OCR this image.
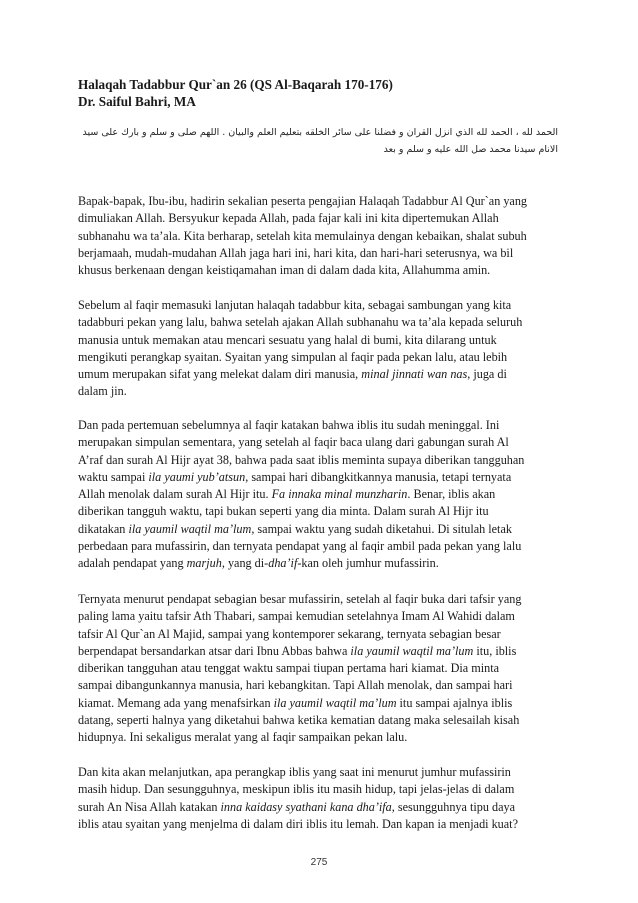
Halaqah Tadabbur Qur`an 26 (QS Al-Baqarah 170-176)
Dr. Saiful Bahri, MA
الحمد لله ، الحمد لله الذي انزل القران و فضلنا على سائر الخلقه بتعليم العلم والبيان . اللهم صلى و سلم و بارك على سيد
الانام سيدنا محمد صل الله عليه و سلم و بعد
Bapak-bapak, Ibu-ibu, hadirin sekalian peserta pengajian Halaqah Tadabbur Al Qur`an yang
dimuliakan Allah. Bersyukur kepada Allah, pada fajar kali ini kita dipertemukan Allah
subhanahu wa ta’ala. Kita berharap, setelah kita memulainya dengan kebaikan, shalat subuh
berjamaah, mudah-mudahan Allah jaga hari ini, hari kita, dan hari-hari seterusnya, wa bil
khusus berkenaan dengan keistiqamahan iman di dalam dada kita, Allahumma amin.
Sebelum al faqir memasuki lanjutan halaqah tadabbur kita, sebagai sambungan yang kita
tadabburi pekan yang lalu, bahwa setelah ajakan Allah subhanahu wa ta’ala kepada seluruh
manusia untuk memakan atau mencari sesuatu yang halal di bumi, kita dilarang untuk
mengikuti perangkap syaitan. Syaitan yang simpulan al faqir pada pekan lalu, atau lebih
umum merupakan sifat yang melekat dalam diri manusia, minal jinnati wan nas, juga di
dalam jin.
Dan pada pertemuan sebelumnya al faqir katakan bahwa iblis itu sudah meninggal. Ini
merupakan simpulan sementara, yang setelah al faqir baca ulang dari gabungan surah Al
A’raf dan surah Al Hijr ayat 38, bahwa pada saat iblis meminta supaya diberikan tangguhan
waktu sampai ila yaumi yub’atsun, sampai hari dibangkitkannya manusia, tetapi ternyata
Allah menolak dalam surah Al Hijr itu. Fa innaka minal munzharin. Benar, iblis akan
diberikan tangguh waktu, tapi bukan seperti yang dia minta. Dalam surah Al Hijr itu
dikatakan ila yaumil waqtil ma’lum, sampai waktu yang sudah diketahui. Di situlah letak
perbedaan para mufassirin, dan ternyata pendapat yang al faqir ambil pada pekan yang lalu
adalah pendapat yang marjuh, yang di-dha’if-kan oleh jumhur mufassirin.
Ternyata menurut pendapat sebagian besar mufassirin, setelah al faqir buka dari tafsir yang
paling lama yaitu tafsir Ath Thabari, sampai kemudian setelahnya Imam Al Wahidi dalam
tafsir Al Qur`an Al Majid, sampai yang kontemporer sekarang, ternyata sebagian besar
berpendapat bersandarkan atsar dari Ibnu Abbas bahwa ila yaumil waqtil ma’lum itu, iblis
diberikan tangguhan atau tenggat waktu sampai tiupan pertama hari kiamat. Dia minta
sampai dibangunkannya manusia, hari kebangkitan. Tapi Allah menolak, dan sampai hari
kiamat. Memang ada yang menafsirkan ila yaumil waqtil ma’lum itu sampai ajalnya iblis
datang, seperti halnya yang diketahui bahwa ketika kematian datang maka selesailah kisah
hidupnya. Ini sekaligus meralat yang al faqir sampaikan pekan lalu.
Dan kita akan melanjutkan, apa perangkap iblis yang saat ini menurut jumhur mufassirin
masih hidup. Dan sesungguhnya, meskipun iblis itu masih hidup, tapi jelas-jelas di dalam
surah An Nisa Allah katakan inna kaidasy syathani kana dha’ifa, sesungguhnya tipu daya
iblis atau syaitan yang menjelma di dalam diri iblis itu lemah. Dan kapan ia menjadi kuat?
275
